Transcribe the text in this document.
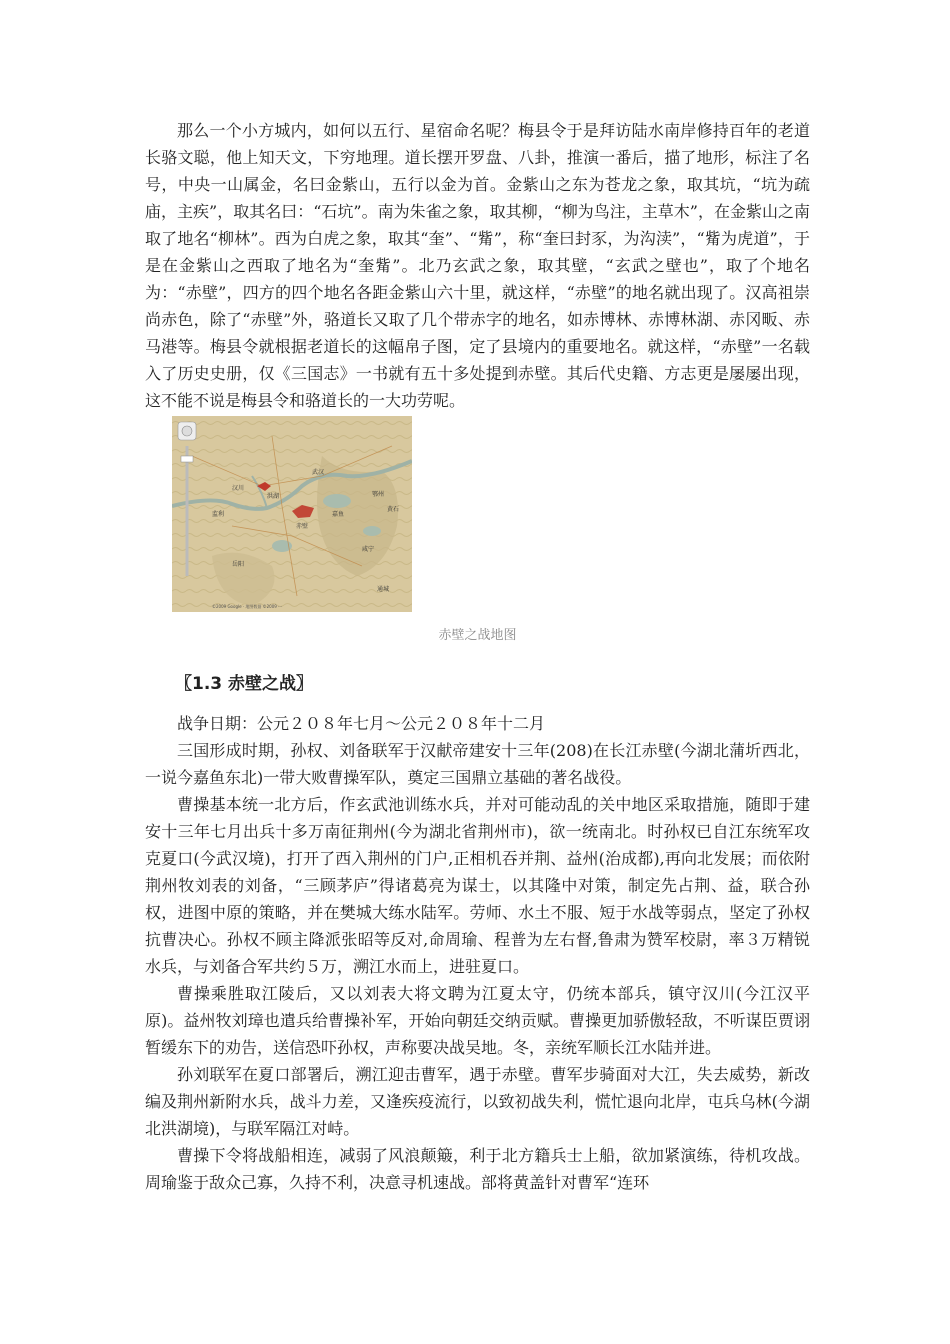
那么一个小方城内，如何以五行、星宿命名呢？梅县令于是拜访陆水南岸修持百年的老道长骆文聪，他上知天文，下穷地理。道长摆开罗盘、八卦，推演一番后，描了地形，标注了名号，中央一山属金，名曰金紫山，五行以金为首。金紫山之东为苍龙之象，取其坑，“坑为疏庙，主疾”，取其名曰：“石坑”。南为朱雀之象，取其柳，“柳为鸟注，主草木”，在金紫山之南取了地名“柳林”。西为白虎之象，取其“奎”、“觜”，称“奎曰封豕，为沟渎”，“觜为虎道”，于是在金紫山之西取了地名为“奎觜”。北乃玄武之象，取其壁，“玄武之壁也”，取了个地名为：“赤壁”，四方的四个地名各距金紫山六十里，就这样，“赤壁”的地名就出现了。汉高祖崇尚赤色，除了“赤壁”外，骆道长又取了几个带赤字的地名，如赤博林、赤博林湖、赤冈畈、赤马港等。梅县令就根据老道长的这幅帛子图，定了县境内的重要地名。就这样，“赤壁”一名载入了历史史册，仅《三国志》一书就有五十多处提到赤壁。其后代史籍、方志更是屡屡出现，这不能不说是梅县令和骆道长的一大功劳呢。

汉川
武汉
赤壁
嘉鱼
咸宁
岳阳
通城
监利
洪湖	鄂州
黄石
©2009 Google · 地图数据 ©2009 ···

赤壁之战地图

〖1.3 赤壁之战〗

战争日期：公元２０８年七月～公元２０８年十二月

三国形成时期，孙权、刘备联军于汉献帝建安十三年(208)在长江赤壁(今湖北蒲圻西北，一说今嘉鱼东北)一带大败曹操军队，奠定三国鼎立基础的著名战役。

曹操基本统一北方后，作玄武池训练水兵，并对可能动乱的关中地区采取措施，随即于建安十三年七月出兵十多万南征荆州(今为湖北省荆州市)，欲一统南北。时孙权已自江东统军攻克夏口(今武汉境)，打开了西入荆州的门户,正相机吞并荆、益州(治成都),再向北发展；而依附荆州牧刘表的刘备，“三顾茅庐”得诸葛亮为谋士，以其隆中对策，制定先占荆、益，联合孙权，进图中原的策略，并在樊城大练水陆军。劳师、水土不服、短于水战等弱点，坚定了孙权抗曹决心。孙权不顾主降派张昭等反对,命周瑜、程普为左右督,鲁肃为赞军校尉，率３万精锐水兵，与刘备合军共约５万，溯江水而上，进驻夏口。

曹操乘胜取江陵后，又以刘表大将文聘为江夏太守，仍统本部兵，镇守汉川(今江汉平原)。益州牧刘璋也遣兵给曹操补军，开始向朝廷交纳贡赋。曹操更加骄傲轻敌，不听谋臣贾诩暂缓东下的劝告，送信恐吓孙权，声称要决战吴地。冬，亲统军顺长江水陆并进。

孙刘联军在夏口部署后，溯江迎击曹军，遇于赤壁。曹军步骑面对大江，失去威势，新改编及荆州新附水兵，战斗力差，又逢疾疫流行，以致初战失利，慌忙退向北岸，屯兵乌林(今湖北洪湖境)，与联军隔江对峙。

曹操下令将战船相连，减弱了风浪颠簸，利于北方籍兵士上船，欲加紧演练，待机攻战。周瑜鉴于敌众己寡，久持不利，决意寻机速战。部将黄盖针对曹军“连环
